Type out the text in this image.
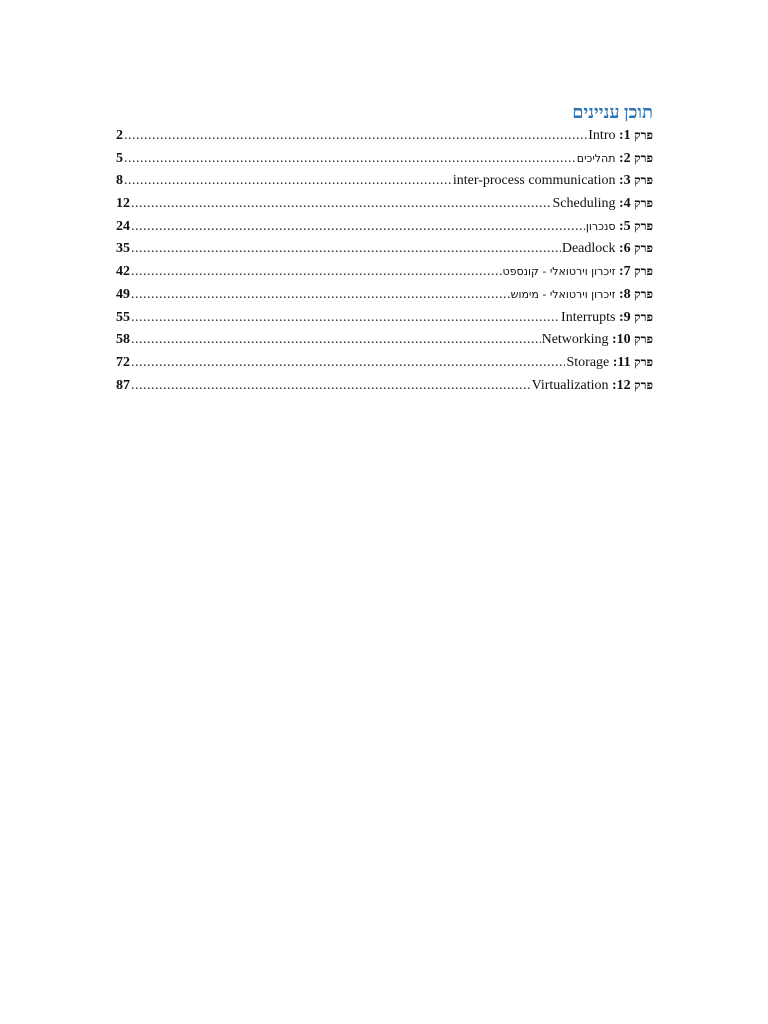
תוכן עניינים
פרק 1: Intro
.....
2
פרק 2: תהליכים
.....
5
פרק 3: inter-process communication
.....
8
פרק 4: Scheduling
.....
12
פרק 5: סנכרון
.....
24
פרק 6: Deadlock
.....
35
פרק 7: זיכרון וירטואלי - קונספט
.....
42
פרק 8: זיכרון וירטואלי - מימוש
.....
49
פרק 9: Interrupts
.....
55
פרק 10: Networking
.....
58
פרק 11: Storage
.....
72
פרק 12: Virtualization
.....
87
